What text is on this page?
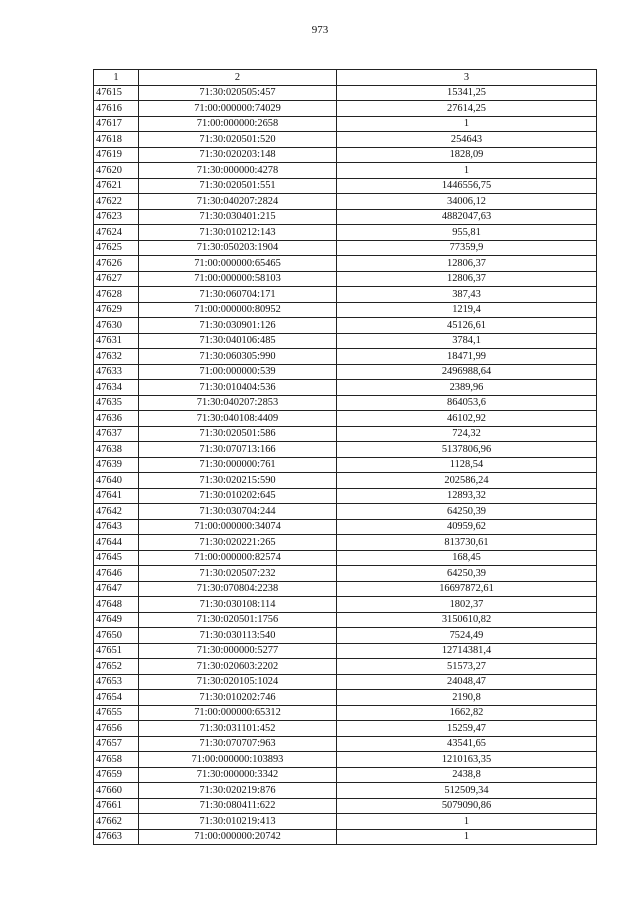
973
1	2	3
47615	71:30:020505:457	15341,25
47616	71:00:000000:74029	27614,25
47617	71:00:000000:2658	1
47618	71:30:020501:520	254643
47619	71:30:020203:148	1828,09
47620	71:30:000000:4278	1
47621	71:30:020501:551	1446556,75
47622	71:30:040207:2824	34006,12
47623	71:30:030401:215	4882047,63
47624	71:30:010212:143	955,81
47625	71:30:050203:1904	77359,9
47626	71:00:000000:65465	12806,37
47627	71:00:000000:58103	12806,37
47628	71:30:060704:171	387,43
47629	71:00:000000:80952	1219,4
47630	71:30:030901:126	45126,61
47631	71:30:040106:485	3784,1
47632	71:30:060305:990	18471,99
47633	71:00:000000:539	2496988,64
47634	71:30:010404:536	2389,96
47635	71:30:040207:2853	864053,6
47636	71:30:040108:4409	46102,92
47637	71:30:020501:586	724,32
47638	71:30:070713:166	5137806,96
47639	71:30:000000:761	1128,54
47640	71:30:020215:590	202586,24
47641	71:30:010202:645	12893,32
47642	71:30:030704:244	64250,39
47643	71:00:000000:34074	40959,62
47644	71:30:020221:265	813730,61
47645	71:00:000000:82574	168,45
47646	71:30:020507:232	64250,39
47647	71:30:070804:2238	16697872,61
47648	71:30:030108:114	1802,37
47649	71:30:020501:1756	3150610,82
47650	71:30:030113:540	7524,49
47651	71:30:000000:5277	12714381,4
47652	71:30:020603:2202	51573,27
47653	71:30:020105:1024	24048,47
47654	71:30:010202:746	2190,8
47655	71:00:000000:65312	1662,82
47656	71:30:031101:452	15259,47
47657	71:30:070707:963	43541,65
47658	71:00:000000:103893	1210163,35
47659	71:30:000000:3342	2438,8
47660	71:30:020219:876	512509,34
47661	71:30:080411:622	5079090,86
47662	71:30:010219:413	1
47663	71:00:000000:20742	1
